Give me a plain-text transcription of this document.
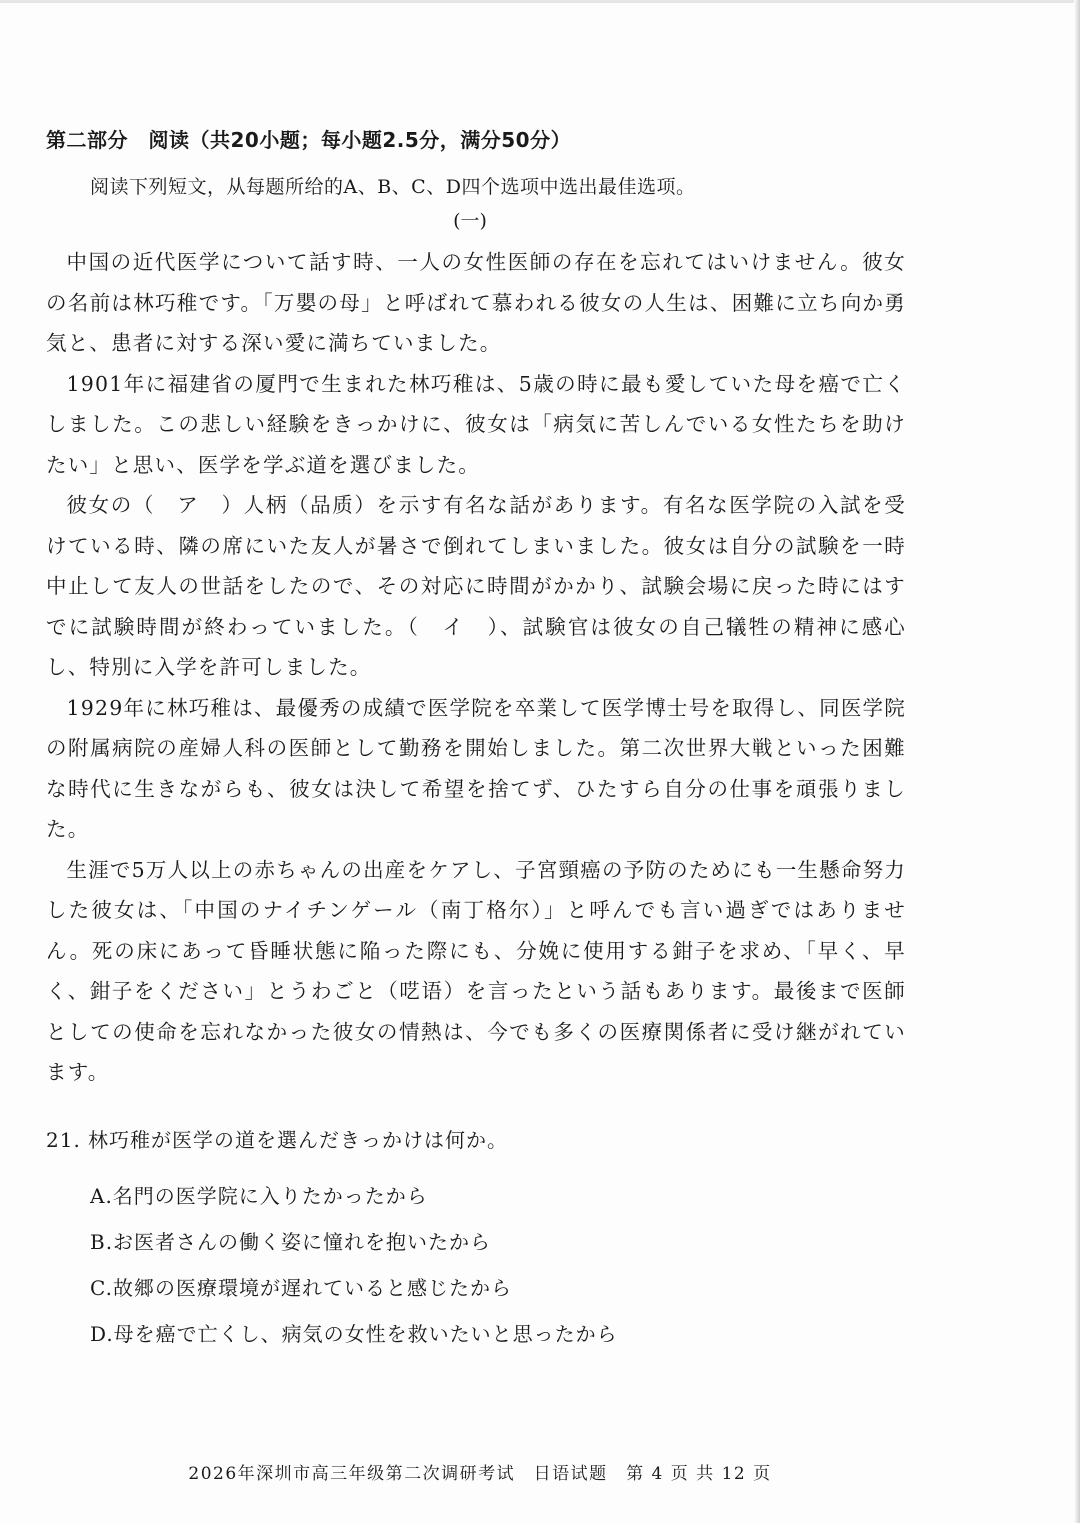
第二部分　阅读（共20小题；每小题2.5分，满分50分）
阅读下列短文，从每题所给的A、B、C、D四个选项中选出最佳选项。
(一)

中国の近代医学について話す時、一人の女性医師の存在を忘れてはいけません。彼女の名前は林巧稚です。「万嬰の母」と呼ばれて慕われる彼女の人生は、困難に立ち向か勇気と、患者に対する深い愛に満ちていました。

1901年に福建省の厦門で生まれた林巧稚は、5歳の時に最も愛していた母を癌で亡くしました。この悲しい経験をきっかけに、彼女は「病気に苦しんでいる女性たちを助けたい」と思い、医学を学ぶ道を選びました。

彼女の（　ア　）人柄（品质）を示す有名な話があります。有名な医学院の入試を受けている時、隣の席にいた友人が暑さで倒れてしまいました。彼女は自分の試験を一時中止して友人の世話をしたので、その対応に時間がかかり、試験会場に戻った時にはすでに試験時間が終わっていました。（　イ　）、試験官は彼女の自己犠牲の精神に感心し、特別に入学を許可しました。

1929年に林巧稚は、最優秀の成績で医学院を卒業して医学博士号を取得し、同医学院の附属病院の産婦人科の医師として勤務を開始しました。第二次世界大戦といった困難な時代に生きながらも、彼女は決して希望を捨てず、ひたすら自分の仕事を頑張りました。

生涯で5万人以上の赤ちゃんの出産をケアし、子宮頸癌の予防のためにも一生懸命努力した彼女は、「中国のナイチンゲール（南丁格尔）」と呼んでも言い過ぎではありません。死の床にあって昏睡状態に陥った際にも、分娩に使用する鉗子を求め、「早く、早く、鉗子をください」とうわごと（呓语）を言ったという話もあります。最後まで医師としての使命を忘れなかった彼女の情熱は、今でも多くの医療関係者に受け継がれています。

21. 林巧稚が医学の道を選んだきっかけは何か。

A.名門の医学院に入りたかったから
B.お医者さんの働く姿に憧れを抱いたから
C.故郷の医療環境が遅れていると感じたから
D.母を癌で亡くし、病気の女性を救いたいと思ったから
2026年深圳市高三年级第二次调研考试　日语试题　第 4 页 共 12 页
